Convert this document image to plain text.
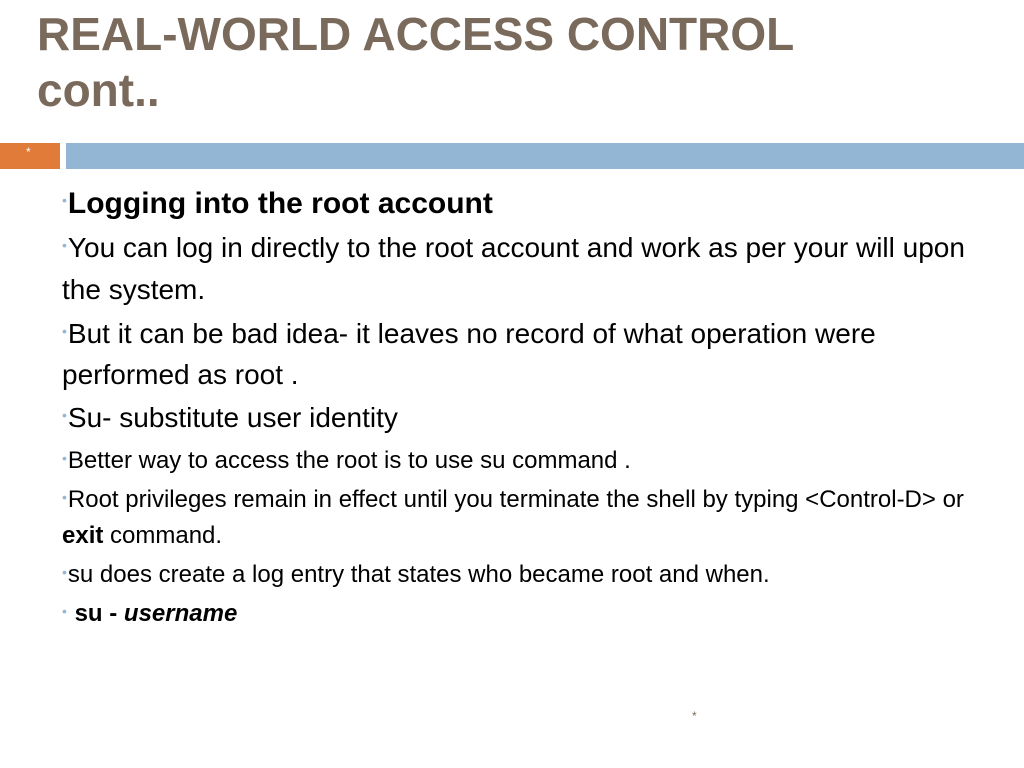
REAL-WORLD ACCESS CONTROL
cont..
*
•Logging into the root account
•You can log in directly to the root account and work as per your will upon the system.
•But it can be bad idea- it leaves no record of what operation were performed as root .
•Su- substitute user identity
•Better way to access the root is to use su command .
•Root privileges remain in effect until you terminate the shell by typing <Control-D> or exit command.
•su does create a log entry that states who became root and when.
• su - username
*
